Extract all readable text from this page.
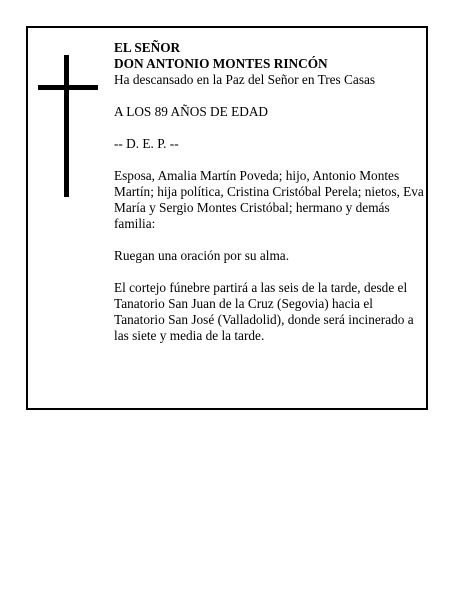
EL SEÑOR

DON ANTONIO MONTES RINCÓN

Ha descansado en la Paz del Señor en Tres Casas

A LOS 89 AÑOS DE EDAD

-- D. E. P. --

Esposa, Amalia Martín Poveda; hijo, Antonio Montes Martín; hija política, Cristina Cristóbal Perela; nietos, Eva María y Sergio Montes Cristóbal; hermano y demás familia:

Ruegan una oración por su alma.

El cortejo fúnebre partirá a las seis de la tarde, desde el Tanatorio San Juan de la Cruz (Segovia) hacia el Tanatorio San José (Valladolid), donde será incinerado a las siete y media de la tarde.
